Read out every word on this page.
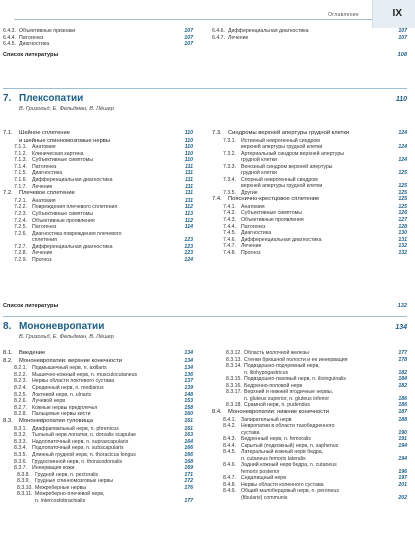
Оглавление	IX
6.4.3. Объективные признаки	107
6.4.4. Патогенез	107
6.4.5. Диагностика	107
6.4.6. Дифференциальная диагностика	107
6.4.7. Лечение	107
Список литературы	108
7. Плексопатии	110
В. Гризольд, Е. Фельдман, В. Лёшер
7.1.	Шейное сплетение	110
и шейные спинномозговые нервы	110
7.1.1. Анатомия	110
7.1.2. Клиническая картина	110
7.1.3. Субъективные симптомы	110
7.1.4. Патогенез	111
7.1.5. Диагностика	111
7.1.6. Дифференциальная диагностика	111
7.1.7. Лечение	111
7.2.	Плечевое сплетение	111
7.2.1. Анатомия	111
7.2.2. Повреждения плечевого сплетения	112
7.2.3. Субъективные симптомы	113
7.2.4. Объективные проявления	112
7.2.5. Патогенез	114
7.2.6. Диагностика повреждения плечевого
сплетения	123
7.2.7. Дифференциальная диагностика	123
7.2.8. Лечение	123
7.2.9. Прогноз	124
7.3.	Синдромы верхней апертуры грудной клетки	124
7.3.1. Истинный неврогенный синдром
верхней апертуры грудной клетки	124
7.3.2. Артериальный синдром верхней апертуры
грудной клетки	124
7.3.3. Венозный синдром верхней апертуры
грудной клетки	125
7.3.4. Спорный неврогенный синдром
верхней апертуры грудной клетки	125
7.3.5. Другие	125
7.4.	Пояснично-крестцовое сплетение	125
7.4.1. Анатомия	125
7.4.2. Субъективные симптомы	126
7.4.3. Объективные проявления	127
7.4.4. Патогенез	128
7.4.5. Диагностика	130
7.4.6. Дифференциальная диагностика	131
7.4.7. Лечение	132
7.4.8. Прогноз	132
Список литературы	132
8. Мононевропатии	134
В. Гризольд, Е. Фельдман, В. Лёшер
8.1.	Введение	134
8.2.	Мононевропатии: верхние конечности	134
8.2.1. Подмышечный нерв, n. axillaris	134
8.2.2. Мышечно-кожный нерв, n. musculocutaneus	136
8.2.3. Нервы области локтевого сустава	137
8.2.4. Срединный нерв, n. medianus	139
8.2.5. Локтевой нерв, n. ulnaris	148
8.2.6. Лучевой нерв	153
8.2.7. Кожные нервы предплечья	158
8.2.8. Пальцевые нервы кисти	160
8.3.	Мононевропатии туловища	161
8.3.1. Диафрагмальный нерв, n. phrenicus	161
8.3.2. Тыльный нерв лопатки, n. dorsalis scapulae	163
8.3.3. Надлопаточный нерв, n. suprascapularis	164
8.3.4. Подлопаточный нерв, n. subscapularis	166
8.3.5. Длинный грудной нерв, n. thoracicus longus	166
8.3.6. Грудоспинной нерв, n. thoracodorsalis	168
8.3.7. Иннервация кожи	169
8.3.8. Грудной нерв, n. pectoralis	171
8.3.9. Грудные спинномозговые нервы	172
8.3.10. Межреберные нервы	176
8.3.11. Межреберно-плечевой нерв,
n. intercostobrachialis	177
8.3.12. Область молочной железы	177
8.3.13. Стенки брюшной полости и ее иннервация	178
8.3.14. Подвздошно-подчревный нерв,
n. iliohypogastricus	182
8.3.15. Подвздошно-паховый нерв, n. ilioinguinalis	184
8.3.16. Бедренно-половой нерв	182
8.3.17. Верхний и нижний ягодичные нервы,
n. gluteus superior, n. gluteus inferior	186
8.3.18. Срамной нерв, n. pudendus	186
8.4.	Мононевропатии: нижние конечности	187
8.4.1. Запирательный нерв	188
8.4.2. Невропатии в области тазобедренного
сустава	190
8.4.3. Бедренный нерв, n. femoralis	191
8.4.4. Скрытый (подкожный) нерв, n. saphenus	194
8.4.5. Латеральный кожный нерв бедра,
n. cutaneus femoris lateralis	194
8.4.6. Задний кожный нерв бедра, n. cutaneus
femoris posterior	196
8.4.7. Седалищный нерв	197
8.4.8. Нервы области коленного сустава	201
8.4.9. Общий малоберцовый нерв, n. peroneus
(fibularis) communis	202
